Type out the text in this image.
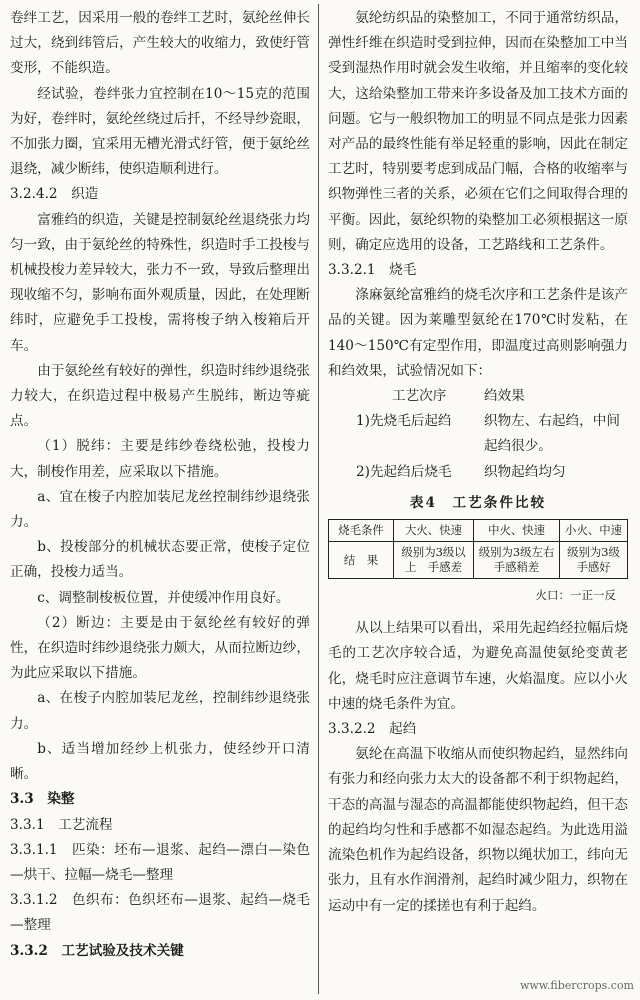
卷绊工艺，因采用一般的卷绊工艺时，氨纶丝伸长过大，绕到纬管后，产生较大的收缩力，致使纡管变形，不能织造。

经试验，卷绊张力宜控制在10～15克的范围为好，卷绊时，氨纶丝绕过后扦，不经导纱瓷眼，不加张力圈，宜采用无槽光滑式纡管，便于氨纶丝退绕，减少断纬，使织造顺利进行。

3.2.4.2　织造

富雅绉的织造，关键是控制氨纶丝退绕张力均匀一致，由于氨纶丝的特殊性，织造时手工投梭与机械投梭力差异较大，张力不一致，导致后整理出现收缩不匀，影响布面外观质量，因此，在处理断纬时，应避免手工投梭，需将梭子纳入梭箱后开车。

由于氨纶丝有较好的弹性，织造时纬纱退绕张力较大，在织造过程中极易产生脱纬，断边等疵点。

（1）脱纬：主要是纬纱卷绕松弛，投梭力大，制梭作用差，应采取以下措施。

a、宜在梭子内腔加装尼龙丝控制纬纱退绕张力。

b、投梭部分的机械状态要正常，使梭子定位正确，投梭力适当。

c、调整制梭板位置，并使缓冲作用良好。

（2）断边：主要是由于氨纶丝有较好的弹性，在织造时纬纱退绕张力颇大，从而拉断边纱，为此应采取以下措施。

a、在梭子内腔加装尼龙丝，控制纬纱退绕张力。

b、适当增加经纱上机张力，使经纱开口清晰。

3.3　染整

3.3.1　工艺流程

3.3.1.1　匹染：坯布—退浆、起绉—漂白—染色—烘干、拉幅—烧毛—整理

3.3.1.2　色织布：色织坯布—退浆、起绉—烧毛—整理

3.3.2　工艺试验及技术关键

氨纶纺织品的染整加工，不同于通常纺织品，弹性纤维在织造时受到拉伸，因而在染整加工中当受到湿热作用时就会发生收缩，并且缩率的变化较大，这给染整加工带来许多设备及加工技术方面的问题。它与一般织物加工的明显不同点是张力因素对产品的最终性能有举足轻重的影响，因此在制定工艺时，特别要考虑到成品门幅，合格的收缩率与织物弹性三者的关系，必须在它们之间取得合理的平衡。因此，氨纶织物的染整加工必须根据这一原则，确定应选用的设备，工艺路线和工艺条件。

3.3.2.1　烧毛

涤麻氨纶富雅绉的烧毛次序和工艺条件是该产品的关键。因为莱雕型氨纶在170℃时发粘，在140～150℃有定型作用，即温度过高则影响强力和绉效果，试验情况如下：

工艺次序	绉效果
1)先烧毛后起绉	织物左、右起绉，中间起绉很少。
2)先起绉后烧毛	织物起绉均匀
表4　工艺条件比较
烧毛条件	大火、快速	中火、快速	小火、中速
结　果	级别为3级以上　手感差	级别为3级左右　手感稍差	级别为3级　手感好
火口：一正一反

从以上结果可以看出，采用先起绉经拉幅后烧毛的工艺次序较合适，为避免高温使氨纶变黄老化，烧毛时应注意调节车速，火焰温度。应以小火中速的烧毛条件为宜。

3.3.2.2　起绉

氨纶在高温下收缩从而使织物起绉，显然纬向有张力和经向张力太大的设备都不利于织物起绉，干态的高温与湿态的高温都能使织物起绉，但干态的起绉均匀性和手感都不如湿态起绉。为此选用溢流染色机作为起绉设备，织物以绳状加工，纬向无张力，且有水作润滑剂，起绉时减少阻力，织物在运动中有一定的揉搓也有利于起绉。

www.fibercrops.com
